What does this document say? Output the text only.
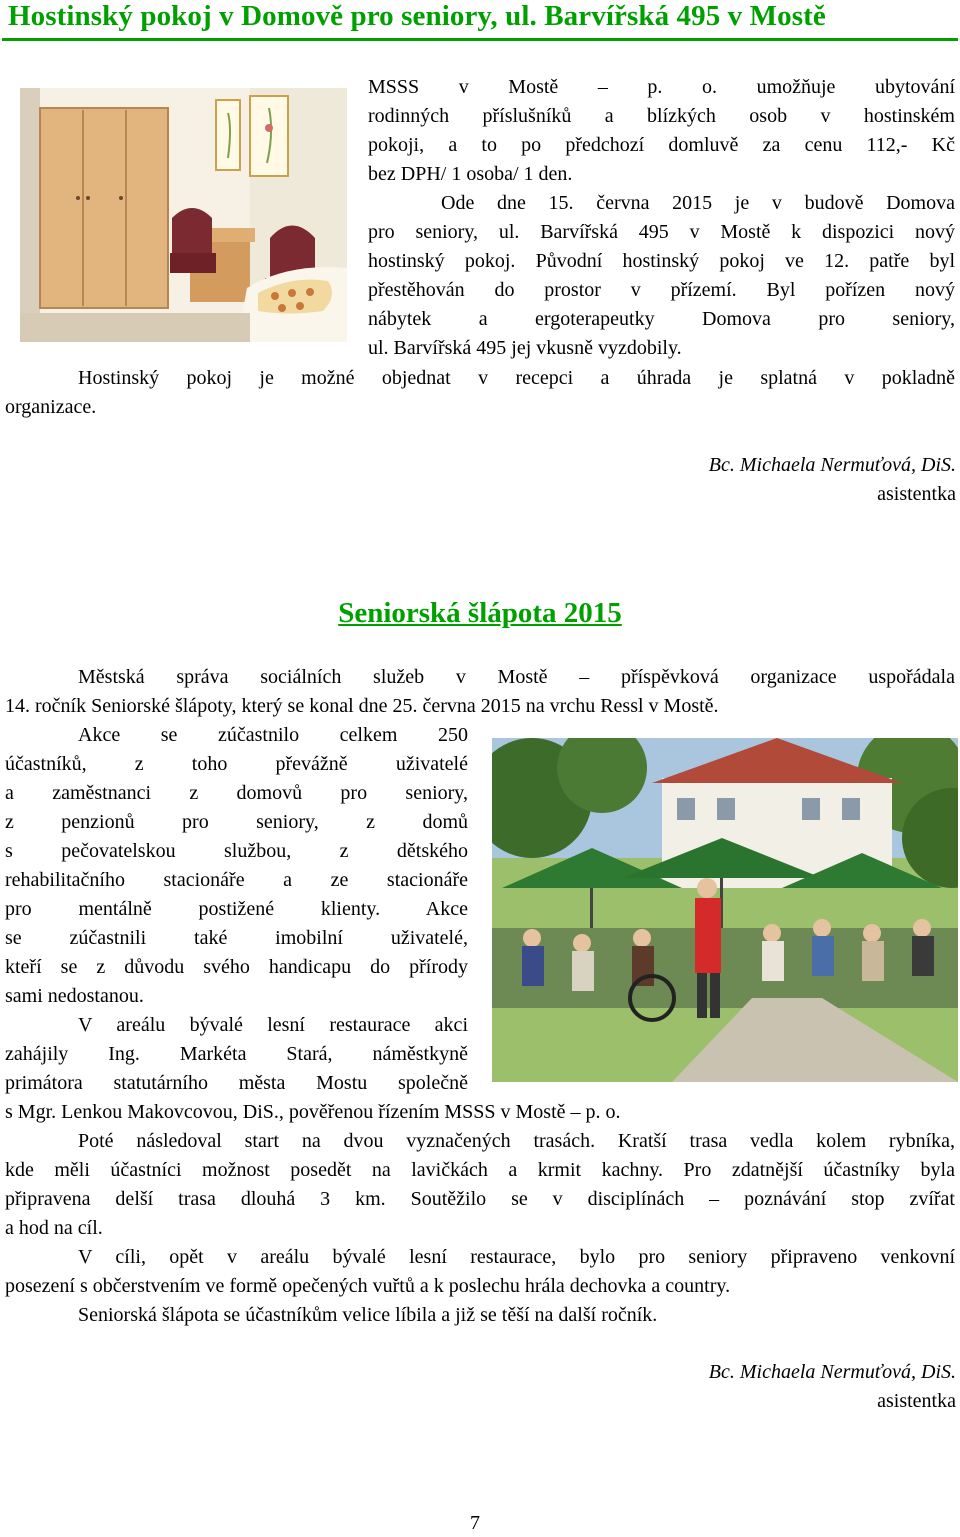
Hostinský pokoj v Domově pro seniory, ul. Barvířská 495 v Mostě
MSSS v Mostě – p. o. umožňuje ubytování
rodinných příslušníků a blízkých osob v hostinském
pokoji, a to po předchozí domluvě za cenu 112,- Kč
bez DPH/ 1 osoba/ 1 den.
Ode dne 15. června 2015 je v budově Domova
pro seniory, ul. Barvířská 495 v Mostě k dispozici nový
hostinský pokoj. Původní hostinský pokoj ve 12. patře byl
přestěhován do prostor v přízemí. Byl pořízen nový
nábytek a ergoterapeutky Domova pro seniory,
ul. Barvířská 495 jej vkusně vyzdobily.
Hostinský pokoj je možné objednat v recepci a úhrada je splatná v pokladně
organizace.
Bc. Michaela Nermuťová, DiS.
asistentka
Seniorská šlápota 2015
Městská správa sociálních služeb v Mostě – příspěvková organizace uspořádala
14. ročník Seniorské šlápoty, který se konal dne 25. června 2015 na vrchu Ressl v Mostě.
Akce se zúčastnilo celkem 250
účastníků, z toho převážně uživatelé
a zaměstnanci z domovů pro seniory,
z penzionů pro seniory, z domů
s pečovatelskou službou, z dětského
rehabilitačního stacionáře a ze stacionáře
pro mentálně postižené klienty. Akce
se zúčastnili také imobilní uživatelé,
kteří se z důvodu svého handicapu do přírody
sami nedostanou.
V areálu bývalé lesní restaurace akci
zahájily Ing. Markéta Stará, náměstkyně
primátora statutárního města Mostu společně
s Mgr. Lenkou Makovcovou, DiS., pověřenou řízením MSSS v Mostě – p. o.
Poté následoval start na dvou vyznačených trasách. Kratší trasa vedla kolem rybníka,
kde měli účastníci možnost posedět na lavičkách a krmit kachny. Pro zdatnější účastníky byla
připravena delší trasa dlouhá 3 km. Soutěžilo se v disciplínách – poznávání stop zvířat
a hod na cíl.
V cíli, opět v areálu bývalé lesní restaurace, bylo pro seniory připraveno venkovní
posezení s občerstvením ve formě opečených vuřtů a k poslechu hrála dechovka a country.
Seniorská šlápota se účastníkům velice líbila a již se těší na další ročník.
Bc. Michaela Nermuťová, DiS.
asistentka
7
